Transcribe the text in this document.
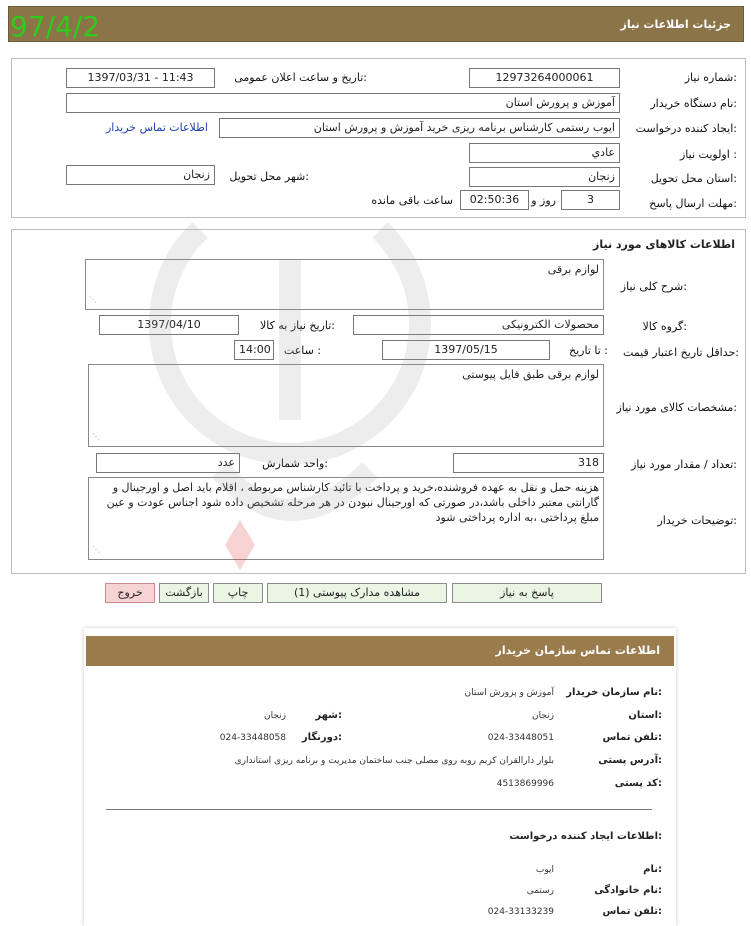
جزئیات اطلاعات نیاز
97/4/2
شماره نیاز:
12973264000061
تاریخ و ساعت اعلان عمومی:
1397/03/31 - 11:43
نام دستگاه خریدار:
آموزش و پرورش استان
ایجاد کننده درخواست:
ایوب رستمی کارشناس برنامه ریزی خرید آموزش و پرورش استان
اطلاعات تماس خریدار
اولویت نیاز :
عادي
استان محل تحویل:
زنجان
شهر محل تحویل:
زنجان
مهلت ارسال پاسخ:
3
روز و
02:50:36
ساعت باقی مانده
اطلاعات کالاهای مورد نیاز
شرح کلی نیاز:
لوازم برقی
⋰
گروه کالا:
محصولات الکترونیکی
تاریخ نیاز به کالا:
1397/04/10
حداقل تاریخ اعتبار قیمت:
تا تاریخ :
1397/05/15
ساعت :
14:00
مشخصات کالای مورد نیاز:
لوازم برقی طبق فایل پیوستی
⋰
تعداد / مقدار مورد نیاز:
318
واحد شمارش:
عدد
توضیحات خریدار:
هزینه حمل و نقل به عهده فروشنده،خرید و پرداخت با تائید کارشناس مربوطه ، اقلام باید اصل و اورجینال و گارانتی معتبر داخلی باشد،در صورتی که اورجینال نبودن در هر مرحله تشخیص داده شود اجناس عودت و عین مبلغ پرداختی ،به اداره پرداختی شود
⋰
پاسخ به نیاز
مشاهده مدارک پیوستی (1)
چاپ
بازگشت
خروج
اطلاعات تماس سازمان خریدار
نام سازمان خریدار:
آموزش و پرورش استان
استان:
زنجان
شهر:
زنجان
تلفن تماس:
024-33448051
دورنگار:
024-33448058
آدرس پستی:
بلوار دارالقران کریم روبه روی مصلی جنب ساختمان مدیریت و برنامه ریزی استانداری
کد پستی:
4513869996
اطلاعات ایجاد کننده درخواست:
نام:
ایوب
نام خانوادگی:
رستمی
تلفن تماس:
024-33133239
